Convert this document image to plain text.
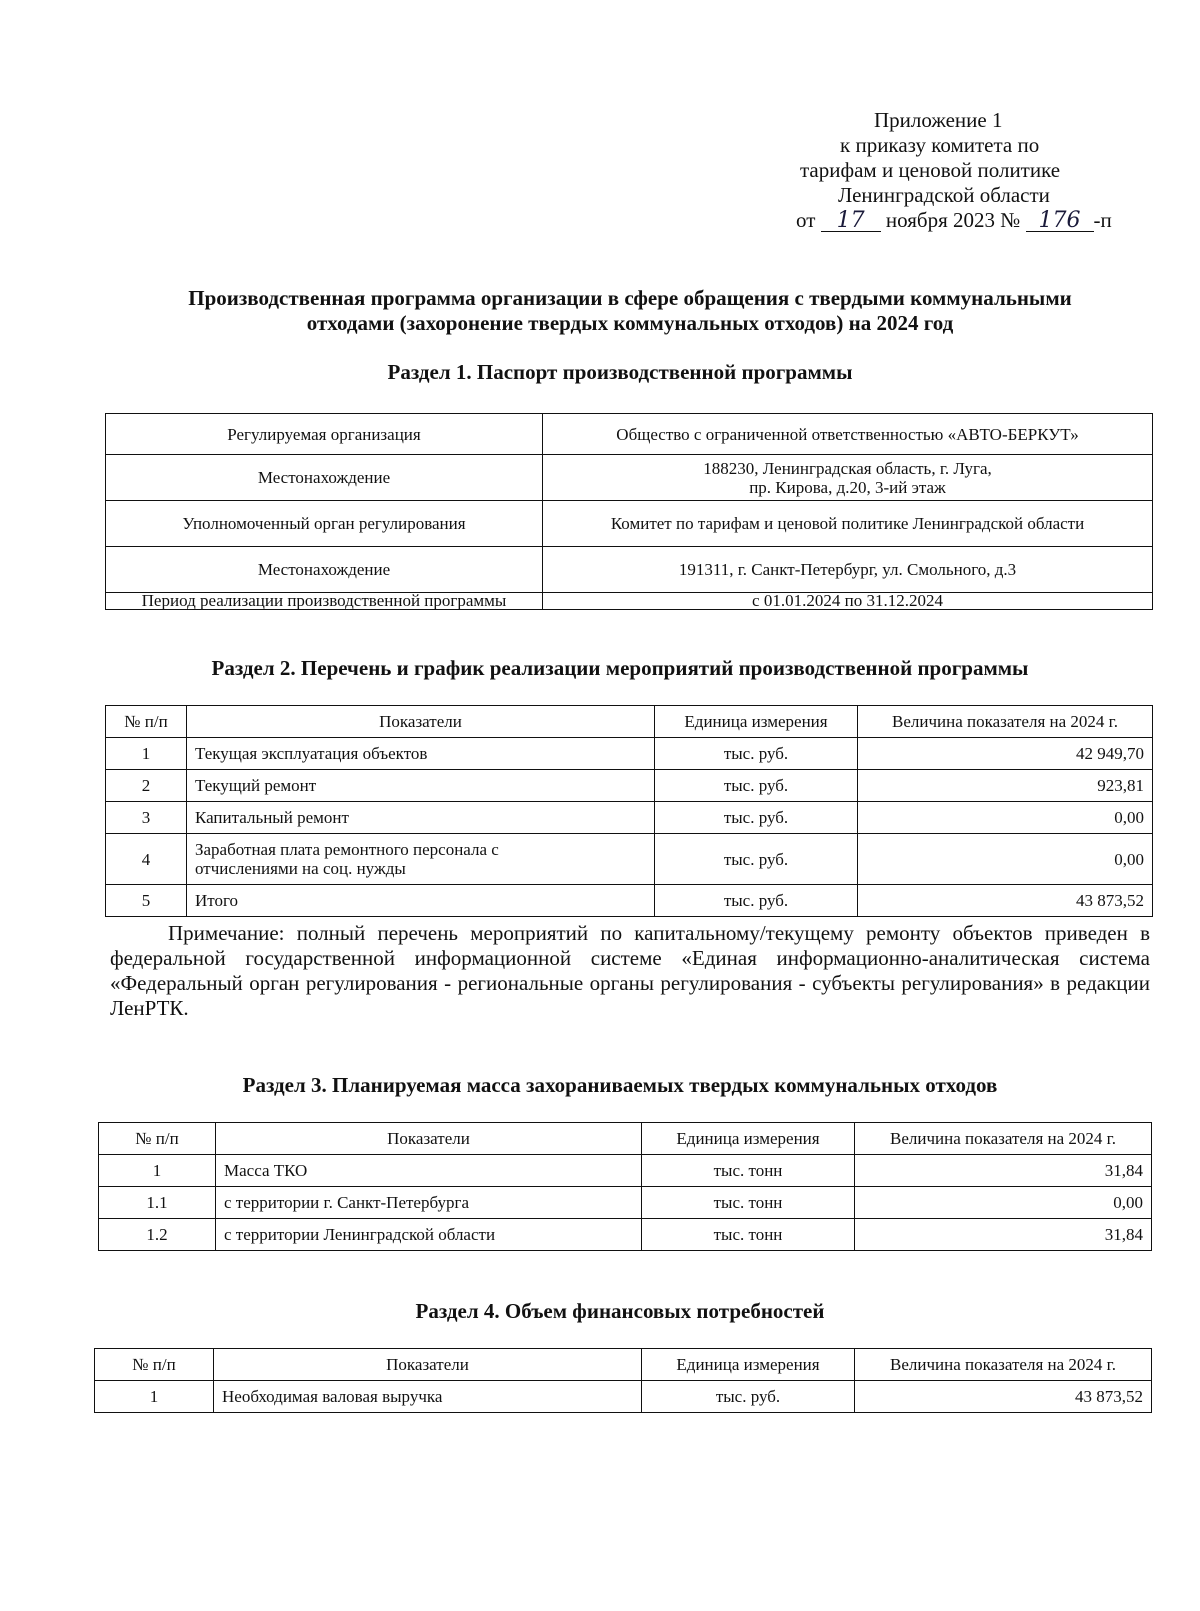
Приложение 1
к приказу комитета по
тарифам и ценовой политике
Ленинградской области
от 17 ноября 2023 № 176 -п
Производственная программа организации в сфере обращения с твердыми коммунальными
отходами (захоронение твердых коммунальных отходов) на 2024 год
Раздел 1. Паспорт производственной программы
Регулируемая организация	Общество с ограниченной ответственностью «АВТО-БЕРКУТ»
Местонахождение	188230, Ленинградская область, г. Луга,
пр. Кирова, д.20, 3-ий этаж

Уполномоченный орган регулирования	Комитет по тарифам и ценовой политике Ленинградской области
Местонахождение	191311, г. Санкт-Петербург, ул. Смольного, д.3
Период реализации производственной программы	с 01.01.2024 по 31.12.2024
Раздел 2. Перечень и график реализации мероприятий производственной программы
№ п/п	Показатели	Единица измерения	Величина показателя на 2024 г.
1	Текущая эксплуатация объектов	тыс. руб.	42 949,70
2	Текущий ремонт	тыс. руб.	923,81
3	Капитальный ремонт	тыс. руб.	0,00
4	Заработная плата ремонтного персонала с
отчислениями на соц. нужды	тыс. руб.	0,00
5	Итого	тыс. руб.	43 873,52
Примечание: полный перечень мероприятий по капитальному/текущему ремонту объектов приведен в федеральной государственной информационной системе «Единая информационно-аналитическая система «Федеральный орган регулирования - региональные органы регулирования - субъекты регулирования» в редакции ЛенРТК.
Раздел 3. Планируемая масса захораниваемых твердых коммунальных отходов
№ п/п	Показатели	Единица измерения	Величина показателя на 2024 г.
1	Масса ТКО	тыс. тонн	31,84
1.1	с территории г. Санкт-Петербурга	тыс. тонн	0,00
1.2	с территории Ленинградской области	тыс. тонн	31,84
Раздел 4. Объем финансовых потребностей
№ п/п	Показатели	Единица измерения	Величина показателя на 2024 г.
1	Необходимая валовая выручка	тыс. руб.	43 873,52
